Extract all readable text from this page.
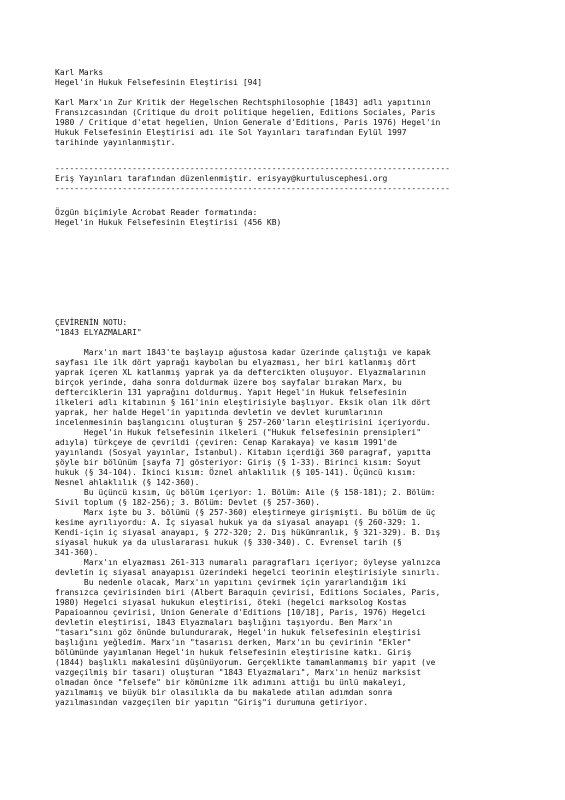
Karl Marks
Hegel'in Hukuk Felsefesinin Eleştirisi [94]
Karl Marx'ın Zur Kritik der Hegelschen Rechtsphilosophie [1843] adlı yapıtının
Fransızcasından (Critique du droit politique hegelien, Editions Sociales, Paris
1980 / Critique d'etat hegelien, Union Generale d'Editions, Paris 1976) Hegel'in
Hukuk Felsefesinin Eleştirisi adı ile Sol Yayınları tarafından Eylül 1997
tarihinde yayınlanmıştır.
----------------------------------------------------------------------------------
Eriş Yayınları tarafından düzenlenmiştir. erisyay@kurtuluscephesi.org
----------------------------------------------------------------------------------
Özgün biçimiyle Acrobat Reader formatında:
Hegel'in Hukuk Felsefesinin Eleştirisi (456 KB)
ÇEVİRENİN NOTU:
"1843 ELYAZMALARI"
Marx'ın mart 1843'te başlayıp ağustosa kadar üzerinde çalıştığı ve kapak
sayfası ile ilk dört yaprağı kaybolan bu elyazması, her biri katlanmış dört
yaprak içeren XL katlanmış yaprak ya da deftercikten oluşuyor. Elyazmalarının
birçok yerinde, daha sonra doldurmak üzere boş sayfalar bırakan Marx, bu
defterciklerin 131 yaprağını doldurmuş. Yapıt Hegel'in Hukuk felsefesinin
ilkeleri adlı kitabının § 161'inin eleştirisiyle başlıyor. Eksik olan ilk dört
yaprak, her halde Hegel'in yapıtında devletin ve devlet kurumlarının
incelenmesinin başlangıcını oluşturan § 257-260'ların eleştirisini içeriyordu.
Hegel'in Hukuk felsefesinin ilkeleri ("Hukuk felsefesinin prensipleri"
adıyla) türkçeye de çevrildi (çeviren: Cenap Karakaya) ve kasım 1991'de
yayınlandı (Sosyal yayınlar, İstanbul). Kitabın içerdiği 360 paragraf, yapıtta
şöyle bir bölünüm [sayfa 7] gösteriyor: Giriş (§ 1-33). Birinci kısım: Soyut
hukuk (§ 34-104). İkinci kısım: Öznel ahlaklılık (§ 105-141). Üçüncü kısım:
Nesnel ahlaklılık (§ 142-360).
Bu üçüncü kısım, üç bölüm içeriyor: 1. Bölüm: Aile (§ 158-181); 2. Bölüm:
Sivil toplum (§ 182-256); 3. Bölüm: Devlet (§ 257-360).
Marx işte bu 3. bölümü (§ 257-360) eleştirmeye girişmişti. Bu bölüm de üç
kesime ayrılıyordu: A. İç siyasal hukuk ya da siyasal anayapı (§ 260-329: 1.
Kendi-için iç siyasal anayapı, § 272-320; 2. Dış hükümranlık, § 321-329). B. Dış
siyasal hukuk ya da uluslararası hukuk (§ 330-340). C. Evrensel tarih (§
341-360).
Marx'ın elyazması 261-313 numaralı paragrafları içeriyor; öyleyse yalnızca
devletin iç siyasal anayapısı üzerindeki hegelci teorinin eleştirisiyle sınırlı.
Bu nedenle olacak, Marx'ın yapıtını çevirmek için yararlandığım iki
fransızca çevirisinden biri (Albert Baraquin çevirisi, Editions Sociales, Paris,
1980) Hegelci siyasal hukukun eleştirisi, öteki (hegelci marksolog Kostas
Papaioannou çevirisi, Union Generale d'Editions [10/18], Paris, 1976) Hegelci
devletin eleştirisi, 1843 Elyazmaları başlığını taşıyordu. Ben Marx'ın
"tasarı"sını göz önünde bulundurarak, Hegel'in hukuk felsefesinin eleştirisi
başlığını yeğledim. Marx'ın "tasarısı derken, Marx'ın bu çevirinin "Ekler"
bölümünde yayımlanan Hegel'in hukuk felsefesinin eleştirisine katkı. Giriş
(1844) başlıklı makalesini düşünüyorum. Gerçeklikte tamamlanmamış bir yapıt (ve
vazgeçilmiş bir tasarı) oluşturan "1843 Elyazmaları", Marx'ın henüz marksist
olmadan önce "felsefe" bir kömünizme ilk adımını attığı bu ünlü makaleyi,
yazılmamış ve büyük bir olasılıkla da bu makalede atılan adımdan sonra
yazılmasından vazgeçilen bir yapıtın "Giriş"i durumuna getiriyor.
